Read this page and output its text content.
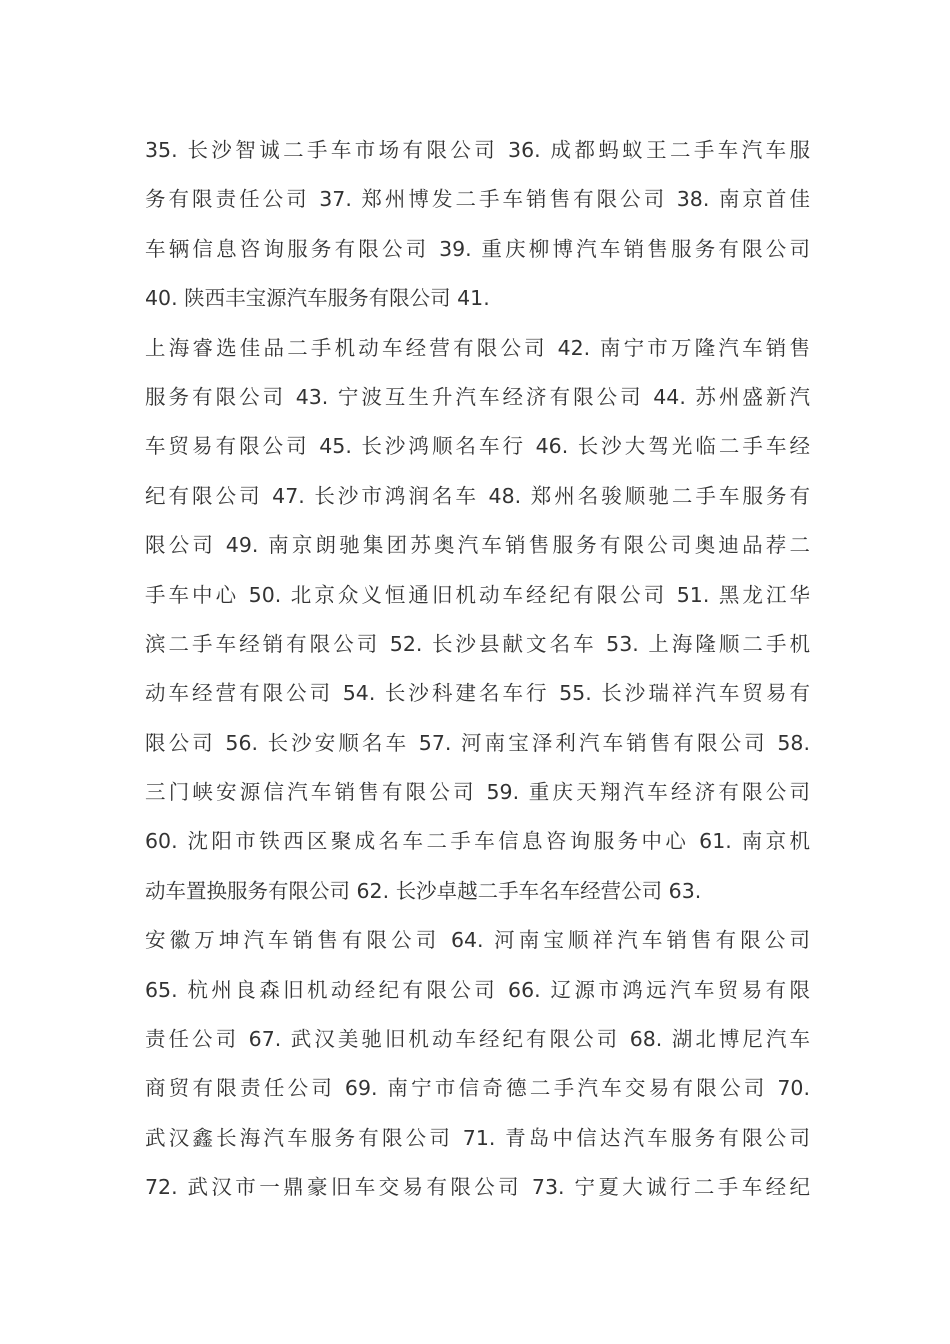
35. 长沙智诚二手车市场有限公司 36. 成都蚂蚁王二手车汽车服
务有限责任公司 37. 郑州博发二手车销售有限公司 38. 南京首佳
车辆信息咨询服务有限公司 39. 重庆柳博汽车销售服务有限公司
40. 陕西丰宝源汽车服务有限公司 41.
上海睿选佳品二手机动车经营有限公司 42. 南宁市万隆汽车销售
服务有限公司 43. 宁波互生升汽车经济有限公司 44. 苏州盛新汽
车贸易有限公司 45. 长沙鸿顺名车行 46. 长沙大驾光临二手车经
纪有限公司 47. 长沙市鸿润名车 48. 郑州名骏顺驰二手车服务有
限公司 49. 南京朗驰集团苏奥汽车销售服务有限公司奥迪品荐二
手车中心 50. 北京众义恒通旧机动车经纪有限公司 51. 黑龙江华
滨二手车经销有限公司 52. 长沙县献文名车 53. 上海隆顺二手机
动车经营有限公司 54. 长沙科建名车行 55. 长沙瑞祥汽车贸易有
限公司 56. 长沙安顺名车 57. 河南宝泽利汽车销售有限公司 58.
三门峡安源信汽车销售有限公司 59. 重庆天翔汽车经济有限公司
60. 沈阳市铁西区聚成名车二手车信息咨询服务中心 61. 南京机
动车置换服务有限公司 62. 长沙卓越二手车名车经营公司 63.
安徽万坤汽车销售有限公司 64. 河南宝顺祥汽车销售有限公司
65. 杭州良森旧机动经纪有限公司 66. 辽源市鸿远汽车贸易有限
责任公司 67. 武汉美驰旧机动车经纪有限公司 68. 湖北博尼汽车
商贸有限责任公司 69. 南宁市信奇德二手汽车交易有限公司 70.
武汉鑫长海汽车服务有限公司 71. 青岛中信达汽车服务有限公司
72. 武汉市一鼎豪旧车交易有限公司 73. 宁夏大诚行二手车经纪
